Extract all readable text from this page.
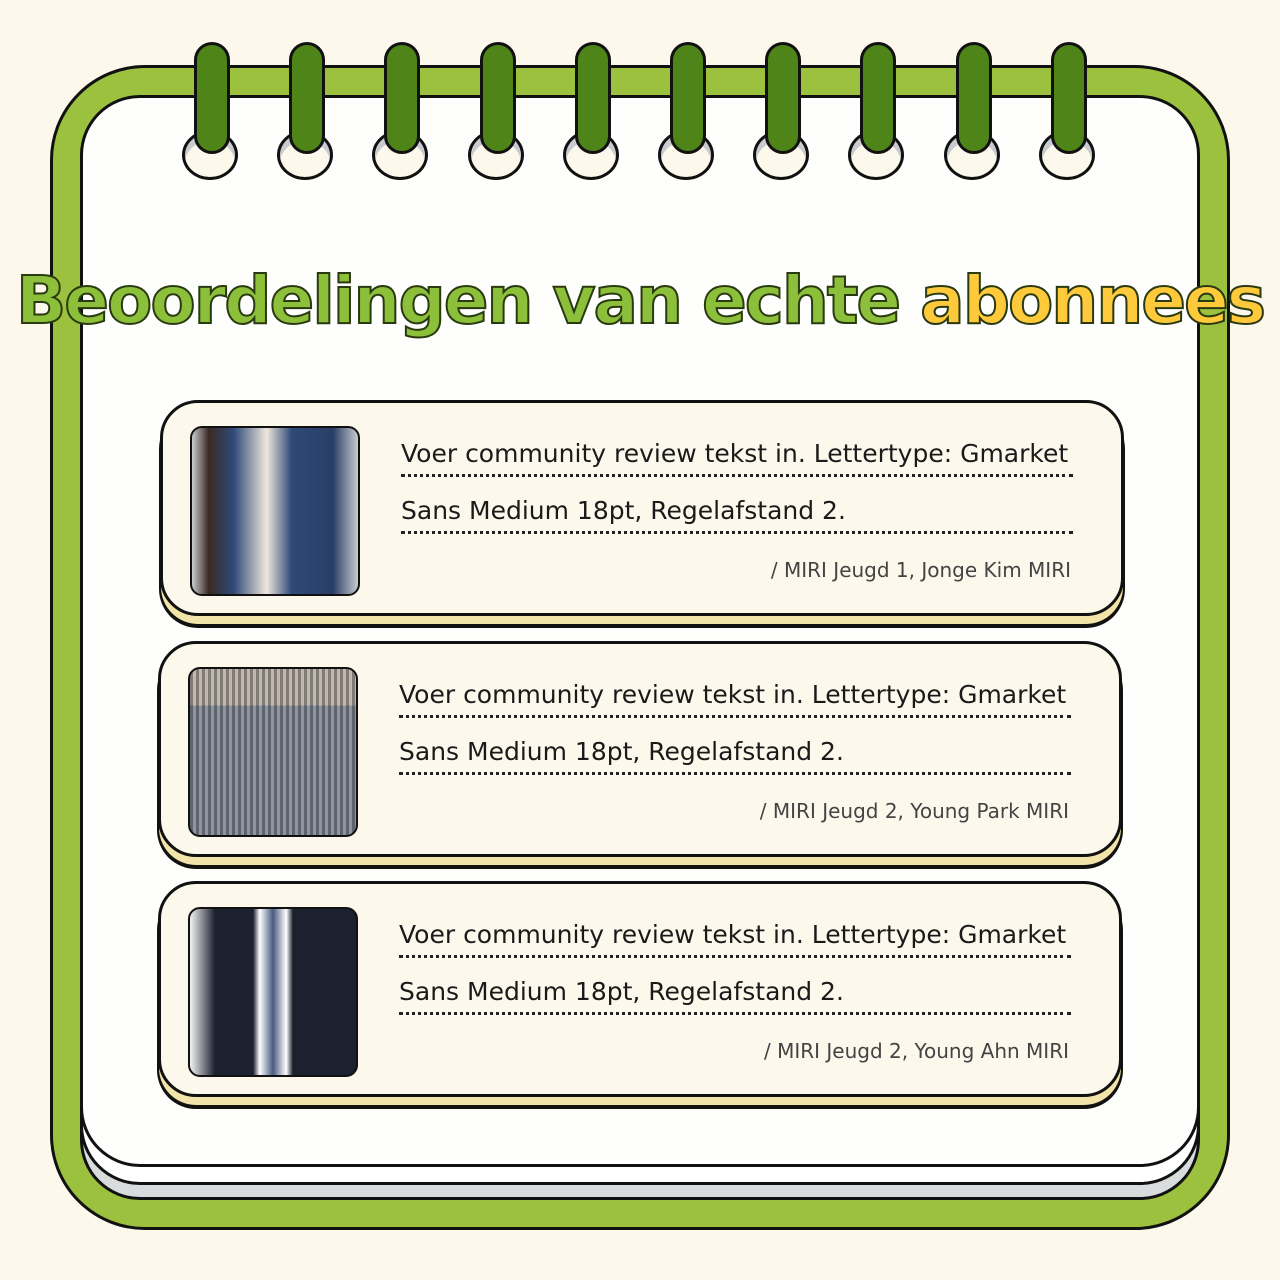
Beoordelingen van echte abonnees
Voer community review tekst in. Lettertype: Gmarket
Sans Medium 18pt, Regelafstand 2.
/ MIRI Jeugd 1, Jonge Kim MIRI
Voer community review tekst in. Lettertype: Gmarket
Sans Medium 18pt, Regelafstand 2.
/ MIRI Jeugd 2, Young Park MIRI
Voer community review tekst in. Lettertype: Gmarket
Sans Medium 18pt, Regelafstand 2.
/ MIRI Jeugd 2, Young Ahn MIRI
